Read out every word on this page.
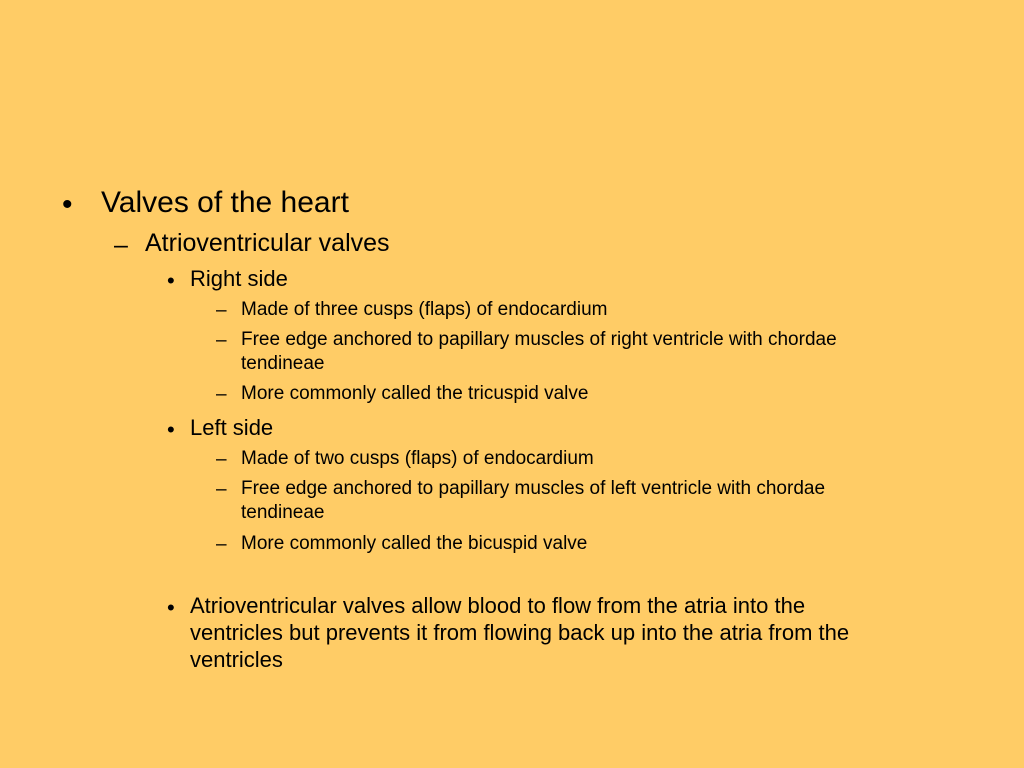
• Valves of the heart
– Atrioventricular valves
• Right side
– Made of three cusps (flaps) of endocardium
– Free edge anchored to papillary muscles of right ventricle with chordae
tendineae
– More commonly called the tricuspid valve
• Left side
– Made of two cusps (flaps) of endocardium
– Free edge anchored to papillary muscles of left ventricle with chordae
tendineae
– More commonly called the bicuspid valve
• Atrioventricular valves allow blood to flow from the atria into the
ventricles but prevents it from flowing back up into the atria from the
ventricles
